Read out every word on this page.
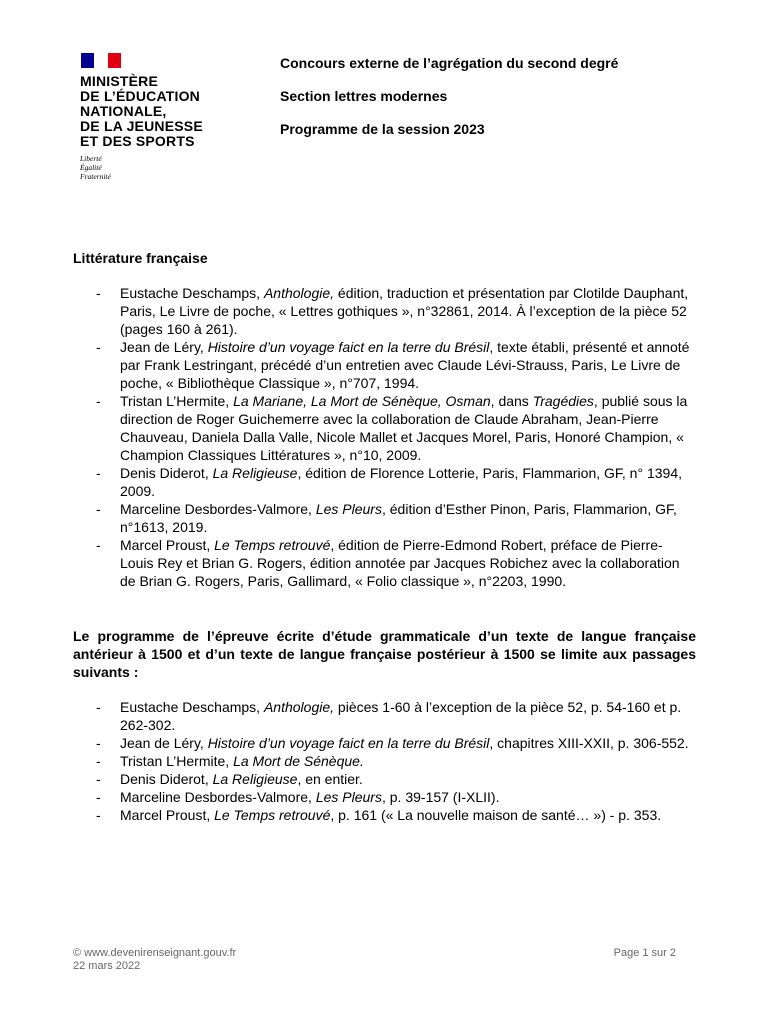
MINISTÈRE
DE L’ÉDUCATION
NATIONALE,
DE LA JEUNESSE
ET DES SPORTS
Liberté
Égalité
Fraternité
Concours externe de l’agrégation du second degré
Section lettres modernes
Programme de la session 2023
Littérature française
- Eustache Deschamps, Anthologie, édition, traduction et présentation par Clotilde Dauphant, Paris, Le Livre de poche, « Lettres gothiques », n°32861, 2014. À l’exception de la pièce 52 (pages 160 à 261).
- Jean de Léry, Histoire d’un voyage faict en la terre du Brésil, texte établi, présenté et annoté par Frank Lestringant, précédé d’un entretien avec Claude Lévi-Strauss, Paris, Le Livre de poche, « Bibliothèque Classique », n°707, 1994.
- Tristan L’Hermite, La Mariane, La Mort de Sénèque, Osman, dans Tragédies, publié sous la direction de Roger Guichemerre avec la collaboration de Claude Abraham, Jean-Pierre Chauveau, Daniela Dalla Valle, Nicole Mallet et Jacques Morel, Paris, Honoré Champion, « Champion Classiques Littératures », n°10, 2009.
- Denis Diderot, La Religieuse, édition de Florence Lotterie, Paris, Flammarion, GF, n° 1394, 2009.
- Marceline Desbordes-Valmore, Les Pleurs, édition d’Esther Pinon, Paris, Flammarion, GF, n°1613, 2019.
- Marcel Proust, Le Temps retrouvé, édition de Pierre-Edmond Robert, préface de Pierre-Louis Rey et Brian G. Rogers, édition annotée par Jacques Robichez avec la collaboration de Brian G. Rogers, Paris, Gallimard, « Folio classique », n°2203, 1990.
Le programme de l’épreuve écrite d’étude grammaticale d’un texte de langue française antérieur à 1500 et d’un texte de langue française postérieur à 1500 se limite aux passages suivants :
- Eustache Deschamps, Anthologie, pièces 1-60 à l’exception de la pièce 52, p. 54-160 et p. 262-302.
- Jean de Léry, Histoire d’un voyage faict en la terre du Brésil, chapitres XIII-XXII, p. 306-552.
- Tristan L’Hermite, La Mort de Sénèque.
- Denis Diderot, La Religieuse, en entier.
- Marceline Desbordes-Valmore, Les Pleurs, p. 39-157 (I-XLII).
- Marcel Proust, Le Temps retrouvé, p. 161 (« La nouvelle maison de santé… ») - p. 353.
© www.devenirenseignant.gouv.fr
22 mars 2022
Page 1 sur 2
